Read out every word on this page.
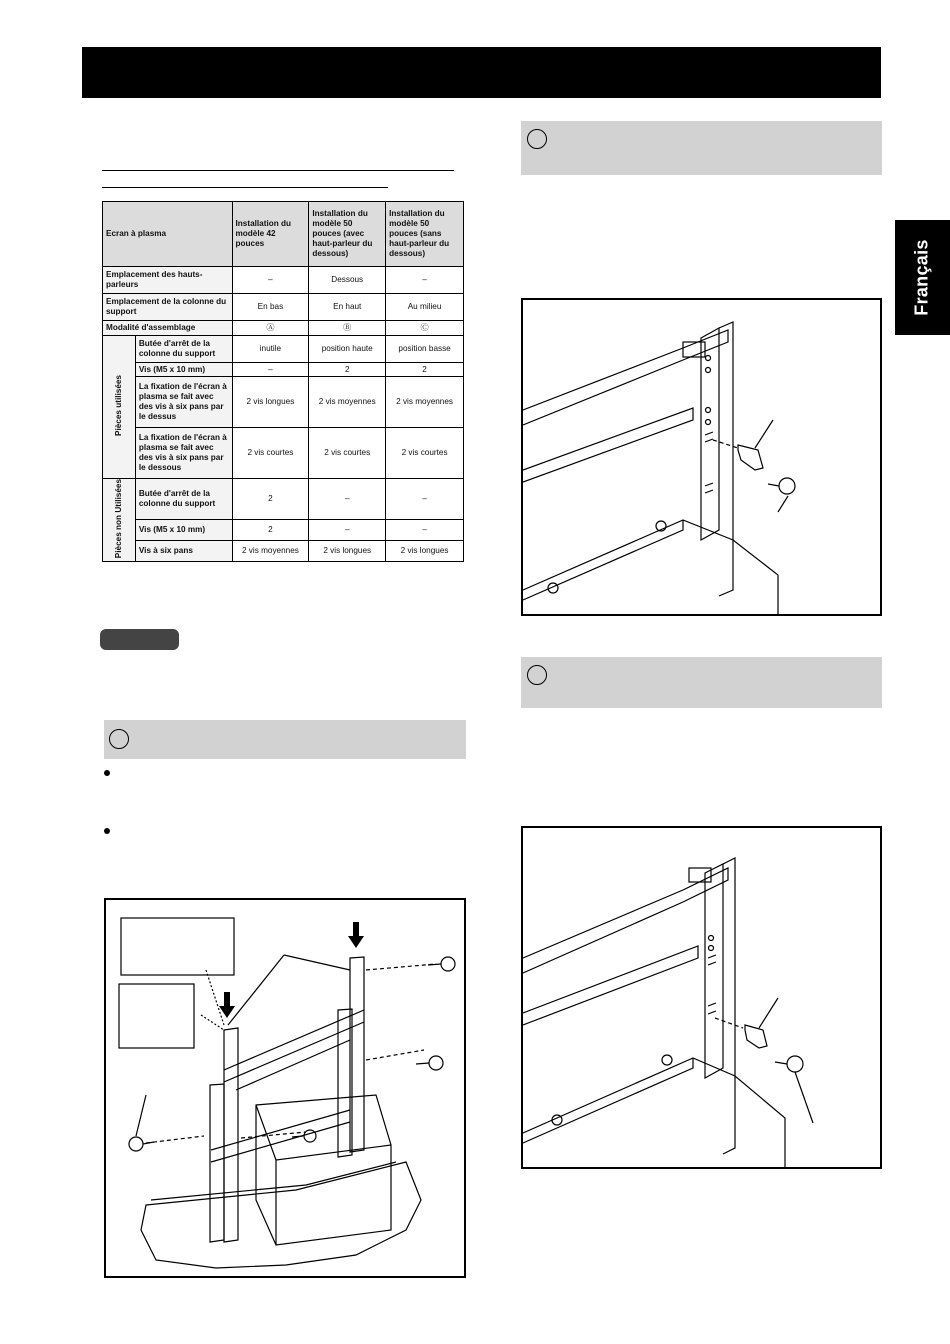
Français
Ecran à plasma		Installation du modèle 42 pouces	Installation du modèle 50 pouces (avec haut-parleur du dessous)	Installation du modèle 50 pouces (sans haut-parleur du dessous)
Emplacement des hauts-parleurs		–	Dessous	–
Emplacement de la colonne du support		En bas	En haut	Au milieu
Modalité d'assemblage		Ⓐ	Ⓑ	Ⓒ
Pièces utilisées	Butée d'arrêt de la colonne du support	inutile	position haute	position basse
	Vis (M5 x 10 mm)	–	2	2
	La fixation de l'écran à plasma se fait avec des vis à six pans par le dessus	2 vis longues	2 vis moyennes	2 vis moyennes
	La fixation de l'écran à plasma se fait avec des vis à six pans par le dessous	2 vis courtes	2 vis courtes	2 vis courtes
Pièces non Utilisées	Butée d'arrêt de la colonne du support	2	–	–
	Vis (M5 x 10 mm)	2	–	–
	Vis à six pans	2 vis moyennes	2 vis longues	2 vis longues
